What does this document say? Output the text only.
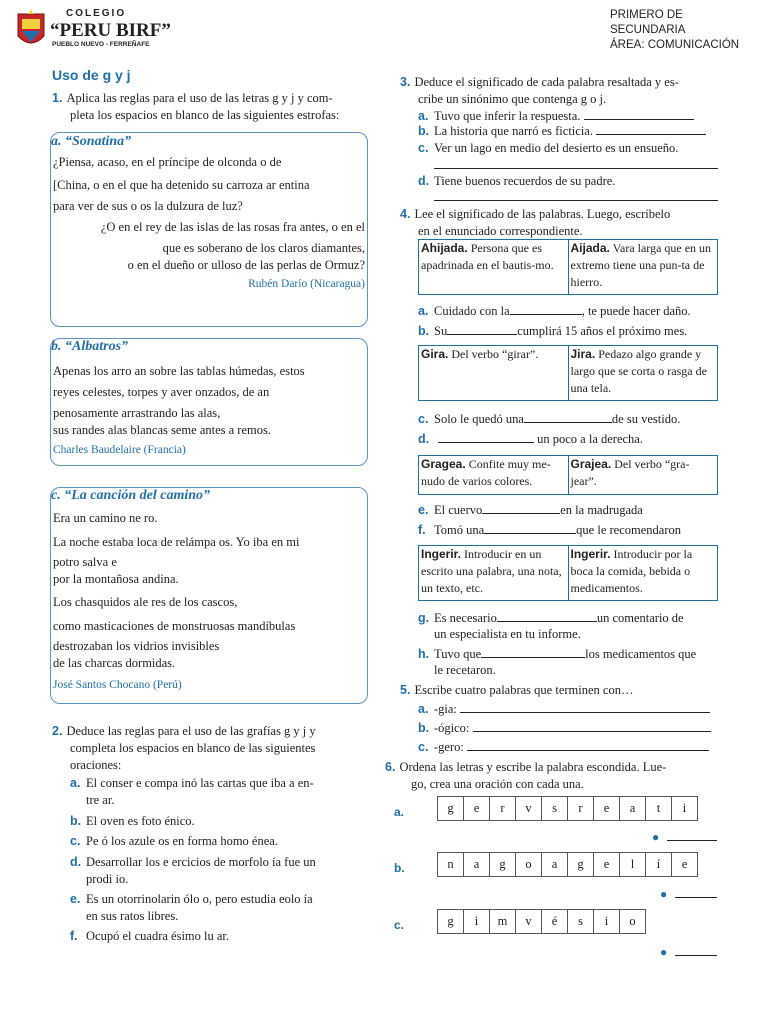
COLEGIO
“PERU BIRF”
PUEBLO NUEVO - FERREÑAFE
PRIMERO DE SECUNDARIA
ÁREA: COMUNICACIÓN
Uso de g y j
1. Aplica las reglas para el uso de las letras g y j y com-
pleta los espacios en blanco de las siguientes estrofas:
a. “Sonatina”
¿Piensa, acaso, en el príncipe de olconda o de
[China, o en el que ha detenido su carroza ar entina
para ver de sus o os la dulzura de luz?
¿O en el rey de las islas de las rosas fra antes, o en el
que es soberano de los claros diamantes,
o en el dueño or ulloso de las perlas de Ormuz?
Rubén Darío (Nicaragua)
b. “Albatros”
Apenas los arro an sobre las tablas húmedas, estos
reyes celestes, torpes y aver onzados, de an
penosamente arrastrando las alas,
sus randes alas blancas seme antes a remos.
Charles Baudelaire (Francia)
c. “La canción del camino”
Era un camino ne ro.
La noche estaba loca de relámpa os. Yo iba en mi
potro salva e
por la montañosa andina.
Los chasquidos ale res de los cascos,
como masticaciones de monstruosas mandíbulas
destrozaban los vidrios invisibles
de las charcas dormidas.
José Santos Chocano (Perú)
2. Deduce las reglas para el uso de las grafías g y j y
completa los espacios en blanco de las siguientes
oraciones:
a. El conser e compa inó las cartas que iba a en-
tre ar.
b. El oven es foto énico.
c. Pe ó los azule os en forma homo énea.
d. Desarrollar los e ercicios de morfolo ía fue un
prodi io.
e. Es un otorrinolarin ólo o, pero estudia eolo ía
en sus ratos libres.
f. Ocupó el cuadra ésimo lu ar.
3. Deduce el significado de cada palabra resaltada y es-
cribe un sinónimo que contenga g o j.
a. Tuvo que inferir la respuesta.
b. La historia que narró es ficticia.
c. Ver un lago en medio del desierto es un ensueño.
d. Tiene buenos recuerdos de su padre.
4. Lee el significado de las palabras. Luego, escríbelo
en el enunciado correspondiente.
Ahijada. Persona que es apadrinada en el bautis-mo.
Aijada. Vara larga que en un extremo tiene una pun-ta de hierro.
a. Cuidado con la	, te puede hacer daño.
b. Su	cumplirá 15 años el próximo mes.
Gira. Del verbo “girar”.	Jira. Pedazo algo grande y largo que se corta o rasga de una tela.
c. Solo le quedó una	de su vestido.
d.	un poco a la derecha.
Gragea. Confite muy me-nudo de varios colores.
Grajea. Del verbo “gra-jear”.
e. El cuervo	en la madrugada
f. Tomó una	que le recomendaron
Ingerir. Introducir en un escrito una palabra, una nota, un texto, etc.
Ingerir. Introducir por la boca la comida, bebida o medicamentos.
g. Es necesario	un comentario de
un especialista en tu informe.
h. Tuvo que	los medicamentos que
le recetaron.
5. Escribe cuatro palabras que terminen con…
a. -gia:
b. -ógico:
c. -gero:
6. Ordena las letras y escribe la palabra escondida. Lue-
go, crea una oración con cada una.
a.	g	e	r	v	s	r	e	a	t	i
●
b.	n	a	g	o	a	g	e	l	í	e
●
c.	g	i	m	v	é	s	i	o
●
